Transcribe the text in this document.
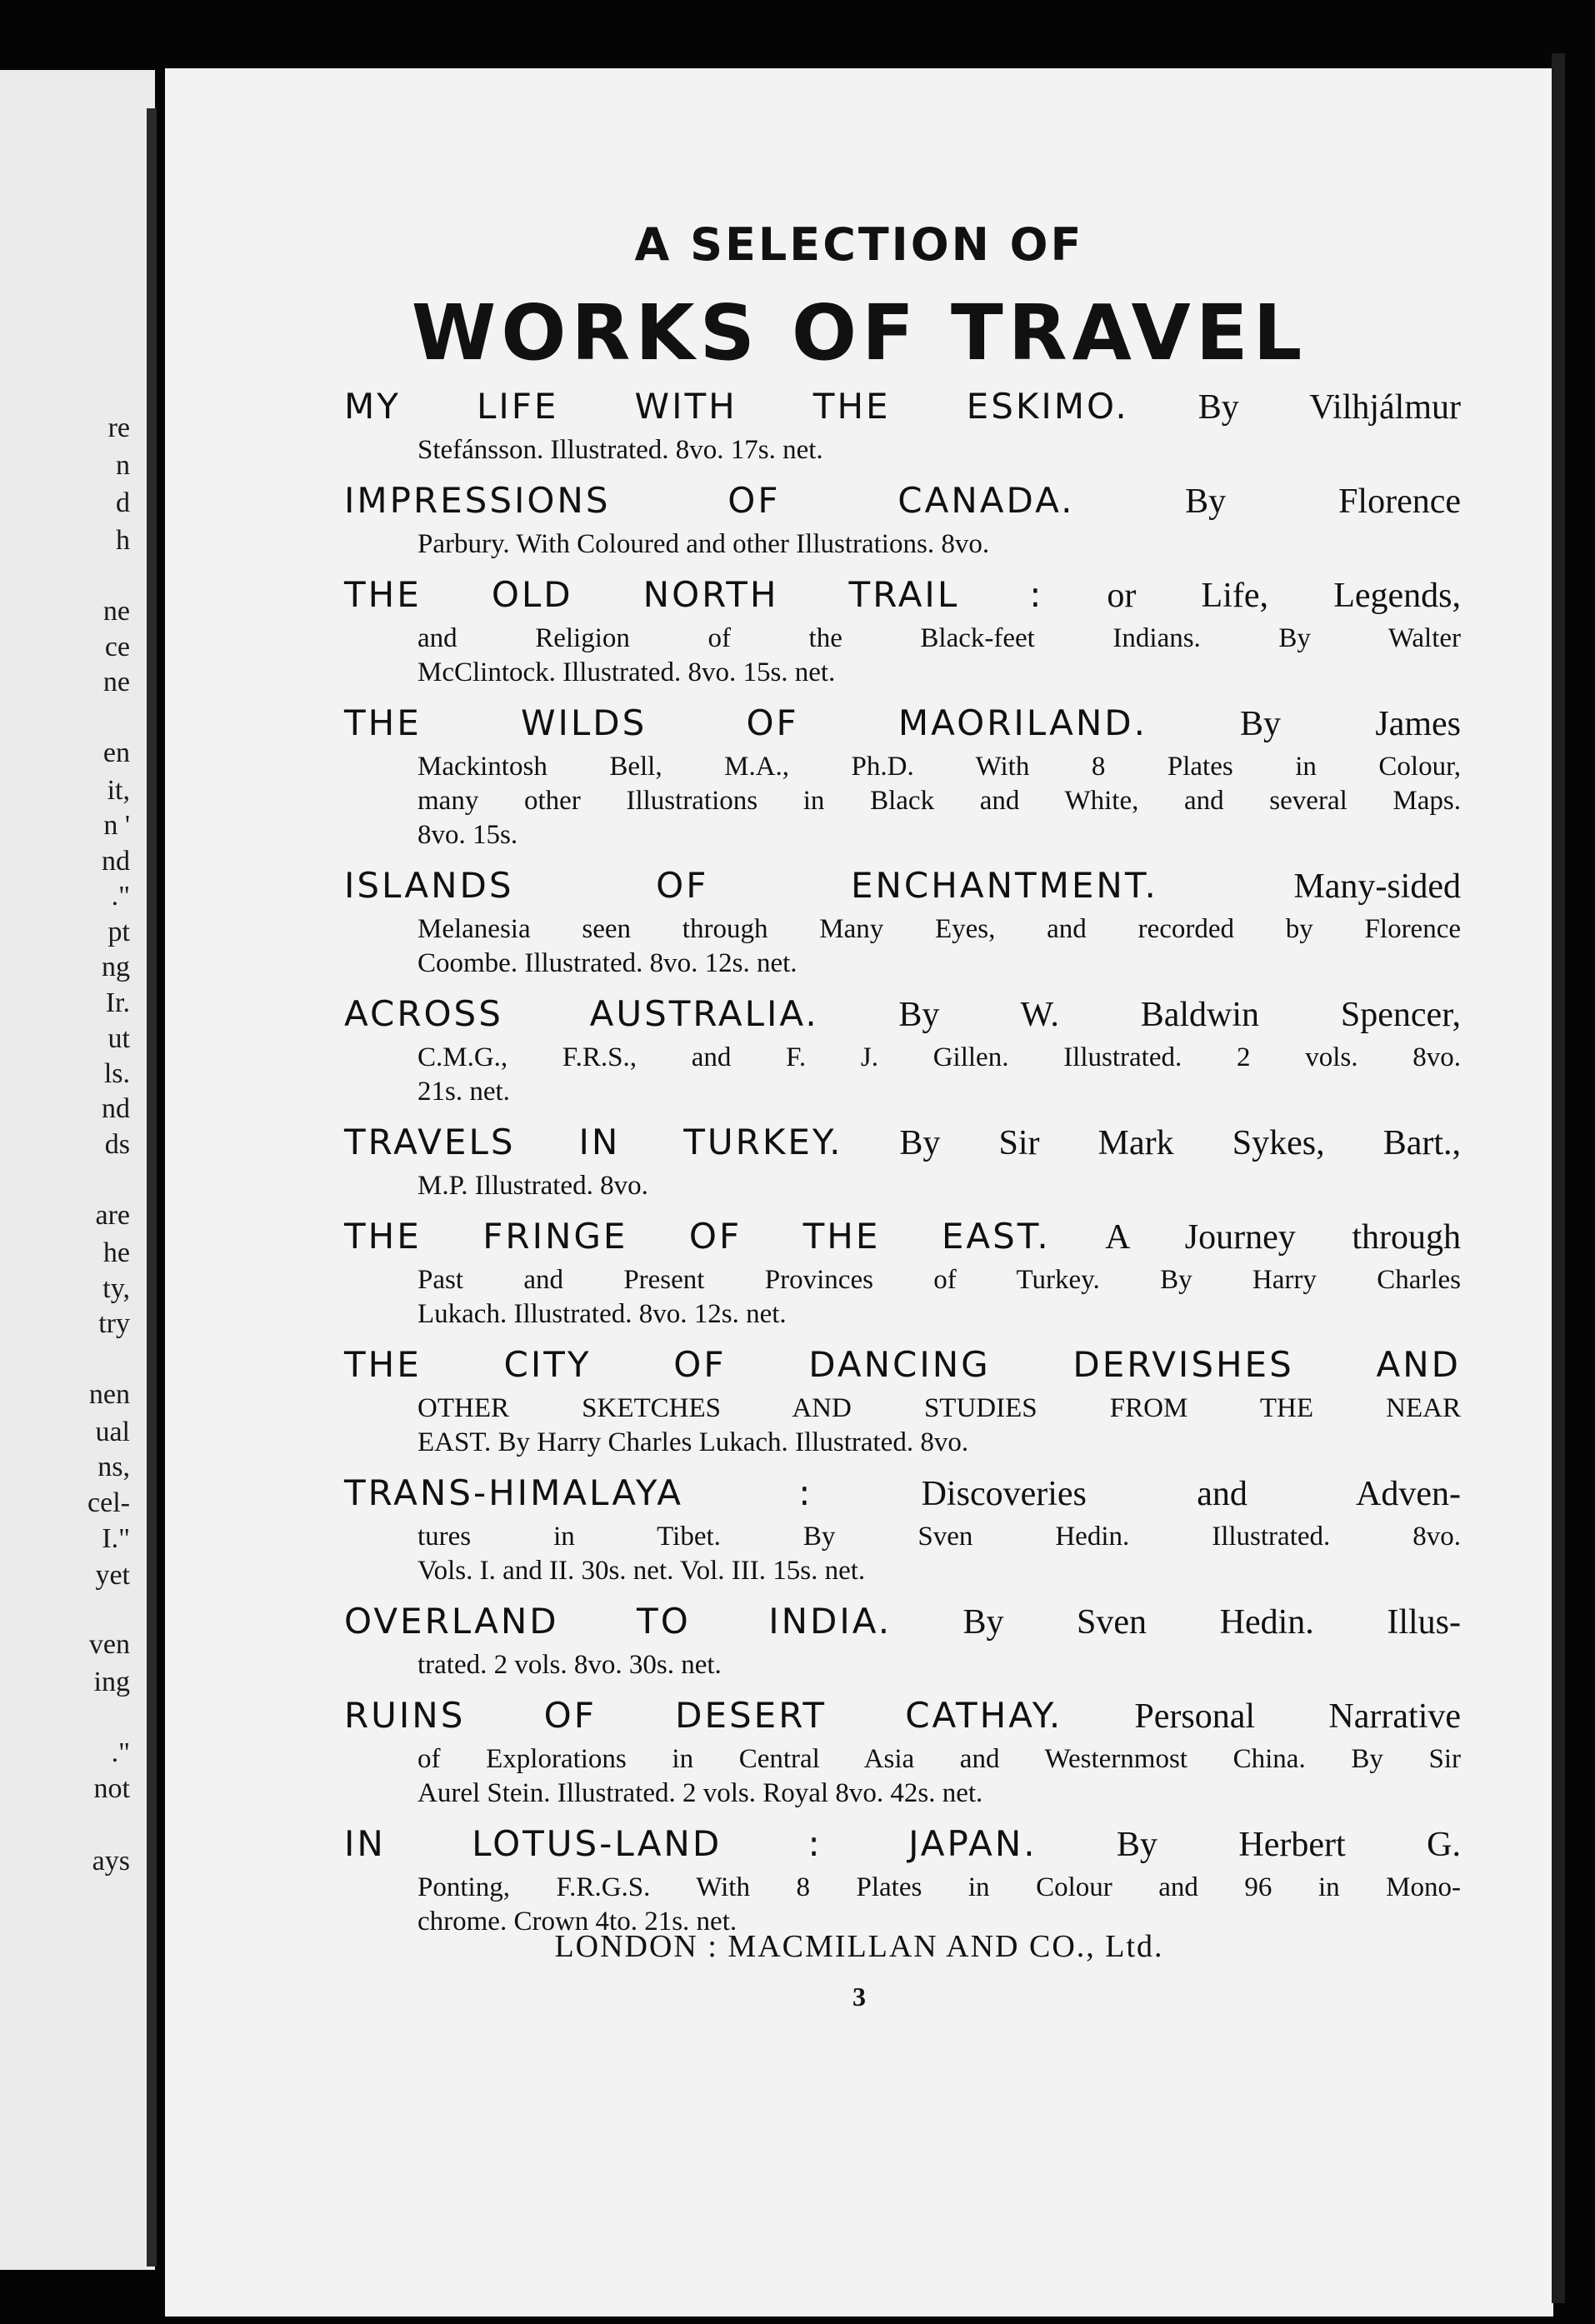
re
n
d
h
ne
ce
ne
en
it,
n '
nd
."
pt
ng
Ir.
ut
ls.
nd
ds
are
he
ty,
try
nen
ual
ns,
cel-
I."
yet
ven
ing
."
not
ays
A SELECTION OF
WORKS OF TRAVEL

MY LIFE WITH THE ESKIMO. By Vilhjálmur

Stefánsson. Illustrated. 8vo. 17s. net.

IMPRESSIONS OF CANADA.	By Florence

Parbury. With Coloured and other Illustrations. 8vo.

THE OLD NORTH TRAIL : or Life, Legends,

and Religion of the Black-feet Indians. By Walter

McClintock. Illustrated. 8vo. 15s. net.

THE WILDS OF MAORILAND.	By James

Mackintosh Bell, M.A., Ph.D. With 8 Plates in Colour,

many other Illustrations in Black and White, and several Maps.

8vo. 15s.

ISLANDS OF ENCHANTMENT.	Many-sided

Melanesia seen through Many Eyes, and recorded by Florence

Coombe. Illustrated. 8vo. 12s. net.

ACROSS AUSTRALIA. By W. Baldwin Spencer,

C.M.G., F.R.S., and F. J. Gillen. Illustrated. 2 vols. 8vo.

21s. net.

TRAVELS IN TURKEY. By Sir Mark Sykes, Bart.,

M.P. Illustrated. 8vo.

THE FRINGE OF THE EAST. A Journey through

Past and Present Provinces of Turkey. By Harry Charles

Lukach. Illustrated. 8vo. 12s. net.

THE CITY OF DANCING DERVISHES AND

OTHER SKETCHES AND STUDIES FROM THE NEAR

EAST. By Harry Charles Lukach. Illustrated. 8vo.

TRANS-HIMALAYA :	Discoveries and Adven-

tures in Tibet. By Sven Hedin. Illustrated. 8vo.

Vols. I. and II. 30s. net. Vol. III. 15s. net.

OVERLAND TO INDIA. By Sven Hedin. Illus-

trated. 2 vols. 8vo. 30s. net.

RUINS OF DESERT CATHAY. Personal Narrative

of Explorations in Central Asia and Westernmost China. By Sir

Aurel Stein. Illustrated. 2 vols. Royal 8vo. 42s. net.

IN LOTUS-LAND : JAPAN. By Herbert G.

Ponting, F.R.G.S. With 8 Plates in Colour and 96 in Mono-

chrome. Crown 4to. 21s. net.

LONDON : MACMILLAN AND CO., Ltd.
3
